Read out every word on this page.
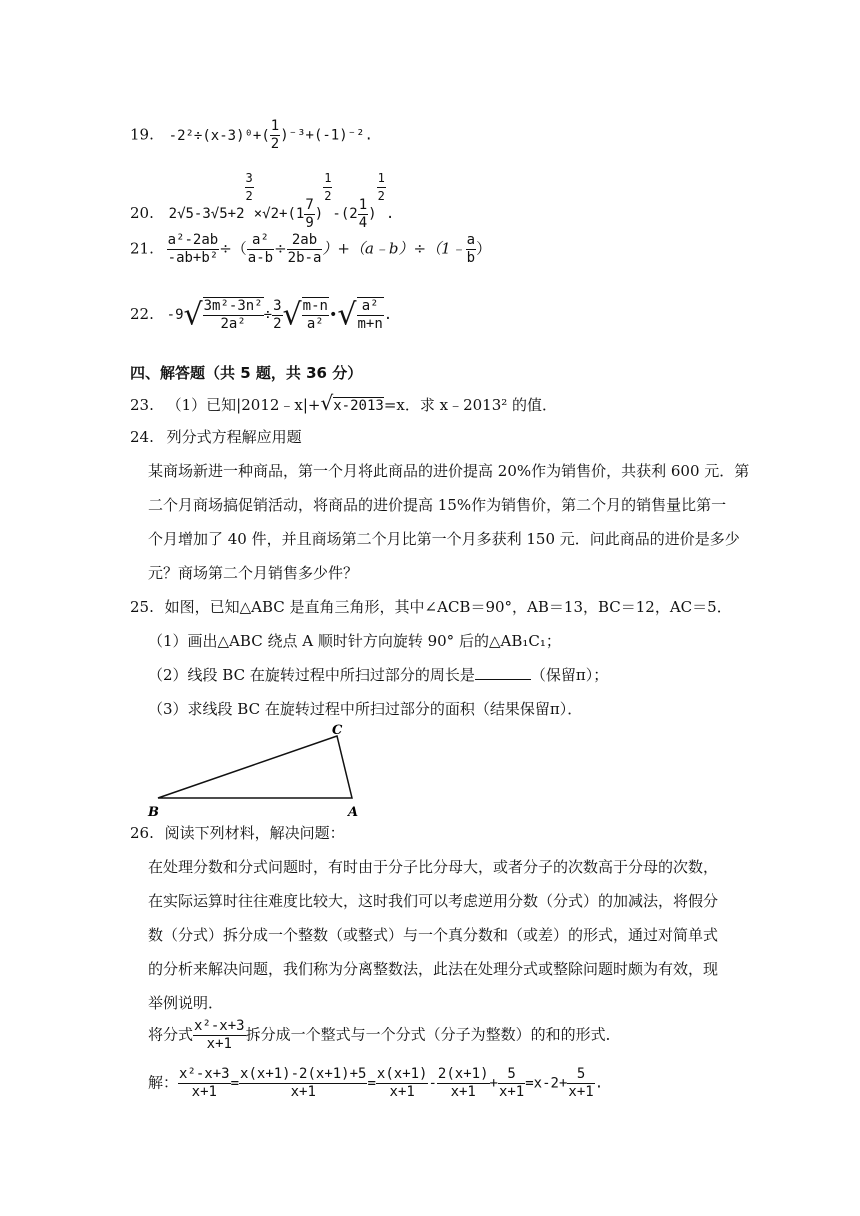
19. $-2^2\div(x-3)^0+( \frac{1}{2} )^{-3}+(-1)^{-2}$.
20. 2√5-3√5+2
$\frac{3}{2}$
$\times√2+(1 \frac{7}{9}$ )
$\frac{1}{2}$
$-(2 \frac{1}{4}$ )
$\frac{1}{2}$
.
21. $\frac{\text{a²-2ab}}{\text{-ab+b²}}$ ÷（ $\frac{\text{a²}}{a-b} \div \frac{2ab}{2b-a}$ ）+（a﹣b）÷（1﹣ $\frac{a}{b}$ ）
22. $-9√ \frac{\text{3m²-3n²}}{\text{2a²}} \div \frac{3}{2}$ √ $\frac{m-n}{\text{a²}}$ •√ $\frac{\text{a²}}{m+n}$ .
四、解答题（共 5 题，共 36 分）
23. （1）已知|2012﹣x|+√x-2013=x．求 x﹣2013² 的值．
24. 列分式方程解应用题
某商场新进一种商品，第一个月将此商品的进价提高 20%作为销售价，共获利 600 元．第
二个月商场搞促销活动，将商品的进价提高 15%作为销售价，第二个月的销售量比第一
个月增加了 40 件，并且商场第二个月比第一个月多获利 150 元．问此商品的进价是多少
元？商场第二个月销售多少件？
25. 如图，已知△ABC 是直角三角形，其中∠ACB＝90°，AB＝13，BC＝12，AC＝5．
（1）画出△ABC 绕点 A 顺时针方向旋转 90° 后的△AB₁C₁；
（2）线段 BC 在旋转过程中所扫过部分的周长是	（保留π）；
（3）求线段 BC 在旋转过程中所扫过部分的面积（结果保留π）．
B	A
C
26. 阅读下列材料，解决问题：
在处理分数和分式问题时，有时由于分子比分母大，或者分子的次数高于分母的次数，
在实际运算时往往难度比较大，这时我们可以考虑逆用分数（分式）的加减法，将假分
数（分式）拆分成一个整数（或整式）与一个真分数和（或差）的形式，通过对简单式
的分析来解决问题，我们称为分离整数法，此法在处理分式或整除问题时颇为有效，现
举例说明．
将分式 $\frac{\text{x²-x+3}}{x+1}$ 拆分成一个整式与一个分式（分子为整数）的和的形式．
解： $\frac{\text{x²-x+3}}{x+1} = \frac{x(x+1)-2(x+1)+5}{x+1} = \frac{x(x+1)}{x+1} - \frac{2(x+1)}{x+1} + \frac{5}{x+1} =x-2+ \frac{5}{x+1}$ .
